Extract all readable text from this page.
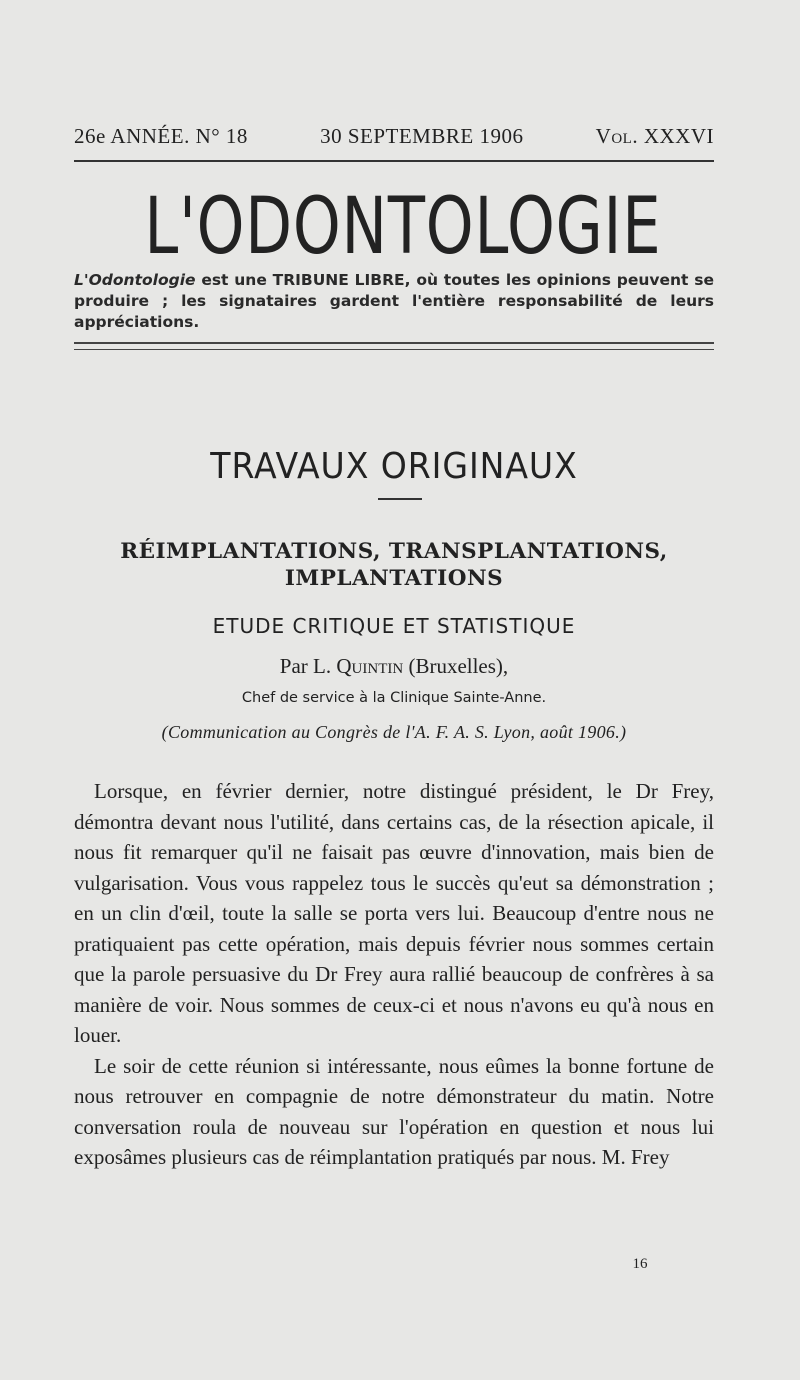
26e ANNÉE. N° 18	30 SEPTEMBRE 1906	Vol. XXXVI
L'ODONTOLOGIE
L'Odontologie est une TRIBUNE LIBRE, où toutes les opinions peuvent se produire ; les signataires gardent l'entière responsabilité de leurs appréciations.
TRAVAUX ORIGINAUX
RÉIMPLANTATIONS, TRANSPLANTATIONS,
IMPLANTATIONS
ETUDE CRITIQUE ET STATISTIQUE
Par L. Quintin (Bruxelles),
Chef de service à la Clinique Sainte-Anne.
(Communication au Congrès de l'A. F. A. S. Lyon, août 1906.)

Lorsque, en février dernier, notre distingué président, le Dr Frey, démontra devant nous l'utilité, dans certains cas, de la résection apicale, il nous fit remarquer qu'il ne faisait pas œuvre d'innovation, mais bien de vulgarisation. Vous vous rappelez tous le succès qu'eut sa démonstration ; en un clin d'œil, toute la salle se porta vers lui. Beaucoup d'entre nous ne pratiquaient pas cette opération, mais depuis février nous sommes certain que la parole persuasive du Dr Frey aura rallié beaucoup de confrères à sa manière de voir. Nous sommes de ceux-ci et nous n'avons eu qu'à nous en louer.

Le soir de cette réunion si intéressante, nous eûmes la bonne fortune de nous retrouver en compagnie de notre démonstrateur du matin. Notre conversation roula de nouveau sur l'opération en question et nous lui exposâmes plusieurs cas de réimplantation pratiqués par nous. M. Frey

16
